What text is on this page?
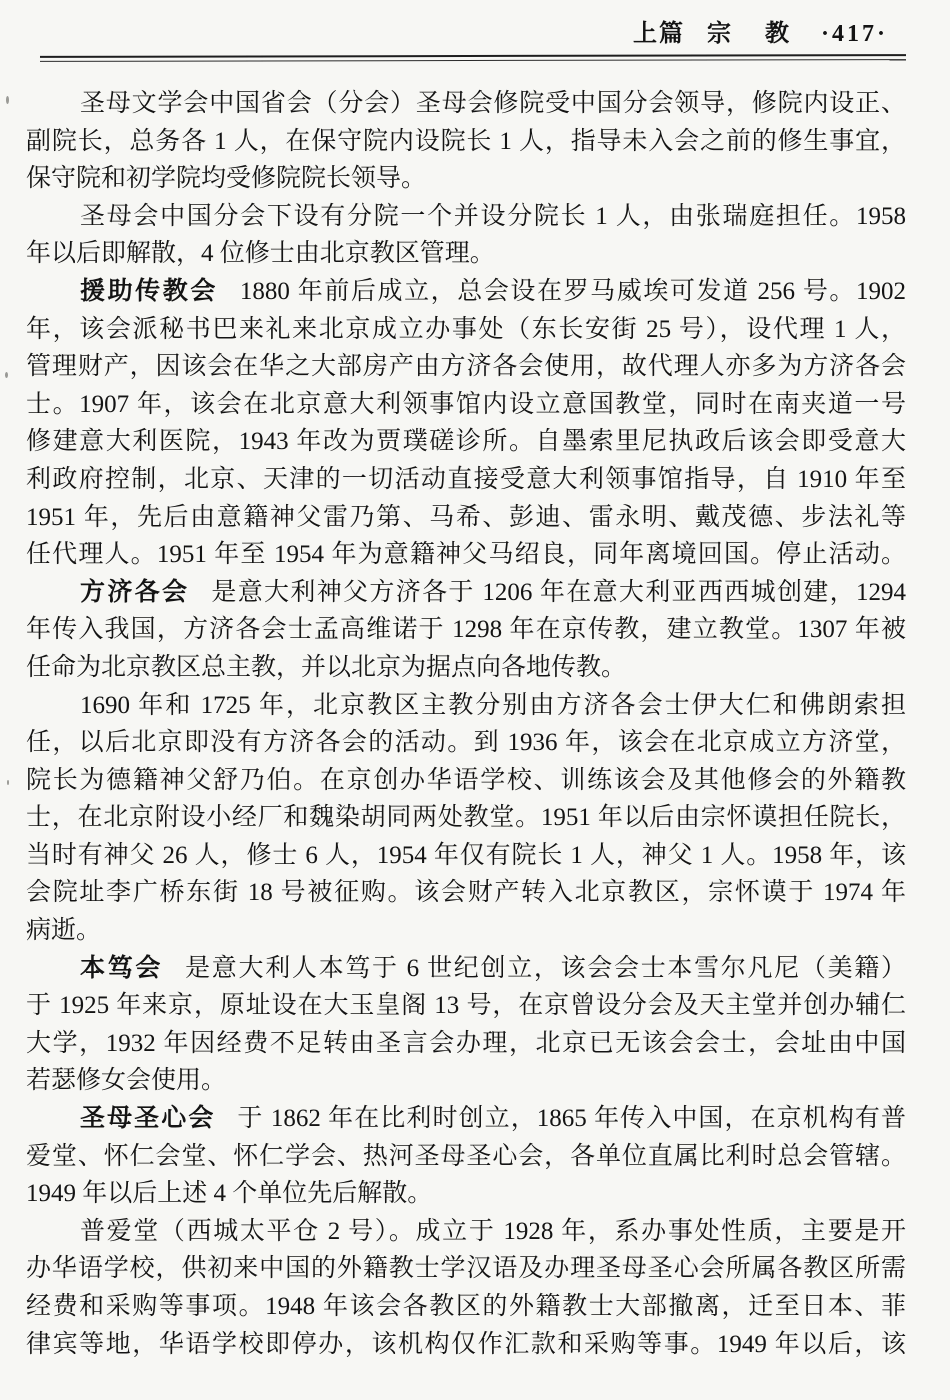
上篇 宗 教 ·417·
圣母文学会中国省会（分会）圣母会修院受中国分会领导，修院内设正、
副院长，总务各 1 人，在保守院内设院长 1 人，指导未入会之前的修生事宜，
保守院和初学院均受修院院长领导。
圣母会中国分会下设有分院一个并设分院长 1 人，由张瑞庭担任。1958
年以后即解散，4 位修士由北京教区管理。
援助传教会 1880 年前后成立，总会设在罗马威埃可发道 256 号。1902
年，该会派秘书巴来礼来北京成立办事处（东长安街 25 号），设代理 1 人，
管理财产，因该会在华之大部房产由方济各会使用，故代理人亦多为方济各会
士。1907 年，该会在北京意大利领事馆内设立意国教堂，同时在南夹道一号
修建意大利医院，1943 年改为贾璞磋诊所。自墨索里尼执政后该会即受意大
利政府控制，北京、天津的一切活动直接受意大利领事馆指导，自 1910 年至
1951 年，先后由意籍神父雷乃第、马希、彭迪、雷永明、戴茂德、步法礼等
任代理人。1951 年至 1954 年为意籍神父马绍良，同年离境回国。停止活动。
方济各会 是意大利神父方济各于 1206 年在意大利亚西西城创建，1294
年传入我国，方济各会士孟高维诺于 1298 年在京传教，建立教堂。1307 年被
任命为北京教区总主教，并以北京为据点向各地传教。
1690 年和 1725 年，北京教区主教分别由方济各会士伊大仁和佛朗索担
任，以后北京即没有方济各会的活动。到 1936 年，该会在北京成立方济堂，
院长为德籍神父舒乃伯。在京创办华语学校、训练该会及其他修会的外籍教
士，在北京附设小经厂和魏染胡同两处教堂。1951 年以后由宗怀谟担任院长，
当时有神父 26 人，修士 6 人，1954 年仅有院长 1 人，神父 1 人。1958 年，该
会院址李广桥东街 18 号被征购。该会财产转入北京教区，宗怀谟于 1974 年
病逝。
本笃会 是意大利人本笃于 6 世纪创立，该会会士本雪尔凡尼（美籍）
于 1925 年来京，原址设在大玉皇阁 13 号，在京曾设分会及天主堂并创办辅仁
大学，1932 年因经费不足转由圣言会办理，北京已无该会会士，会址由中国
若瑟修女会使用。
圣母圣心会 于 1862 年在比利时创立，1865 年传入中国，在京机构有普
爱堂、怀仁会堂、怀仁学会、热河圣母圣心会，各单位直属比利时总会管辖。
1949 年以后上述 4 个单位先后解散。
普爱堂（西城太平仓 2 号）。成立于 1928 年，系办事处性质，主要是开
办华语学校，供初来中国的外籍教士学汉语及办理圣母圣心会所属各教区所需
经费和采购等事项。1948 年该会各教区的外籍教士大部撤离，迁至日本、菲
律宾等地，华语学校即停办，该机构仅作汇款和采购等事。1949 年以后，该
